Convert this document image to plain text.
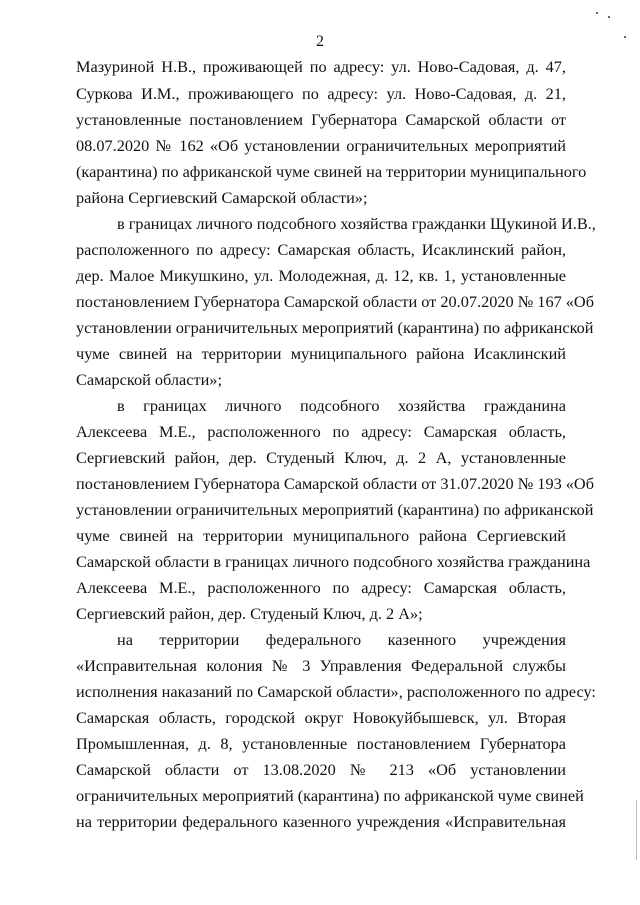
2
Мазуриной Н.В., проживающей по адресу: ул. Ново-Садовая, д. 47,
Суркова И.М., проживающего по адресу: ул. Ново-Садовая, д. 21,
установленные постановлением Губернатора Самарской области от
08.07.2020 № 162 «Об установлении ограничительных мероприятий
(карантина) по африканской чуме свиней на территории муниципального
района Сергиевский Самарской области»;
в границах личного подсобного хозяйства гражданки Щукиной И.В.,
расположенного по адресу: Самарская область, Исаклинский район,
дер. Малое Микушкино, ул. Молодежная, д. 12, кв. 1, установленные
постановлением Губернатора Самарской области от 20.07.2020 № 167 «Об
установлении ограничительных мероприятий (карантина) по африканской
чуме свиней на территории муниципального района Исаклинский
Самарской области»;
в границах личного подсобного хозяйства гражданина
Алексеева М.Е., расположенного по адресу: Самарская область,
Сергиевский район, дер. Студеный Ключ, д. 2 А, установленные
постановлением Губернатора Самарской области от 31.07.2020 № 193 «Об
установлении ограничительных мероприятий (карантина) по африканской
чуме свиней на территории муниципального района Сергиевский
Самарской области в границах личного подсобного хозяйства гражданина
Алексеева М.Е., расположенного по адресу: Самарская область,
Сергиевский район, дер. Студеный Ключ, д. 2 А»;
на территории федерального казенного учреждения
«Исправительная колония № 3 Управления Федеральной службы
исполнения наказаний по Самарской области», расположенного по адресу:
Самарская область, городской округ Новокуйбышевск, ул. Вторая
Промышленная, д. 8, установленные постановлением Губернатора
Самарской области от 13.08.2020 № 213 «Об установлении
ограничительных мероприятий (карантина) по африканской чуме свиней
на территории федерального казенного учреждения «Исправительная
